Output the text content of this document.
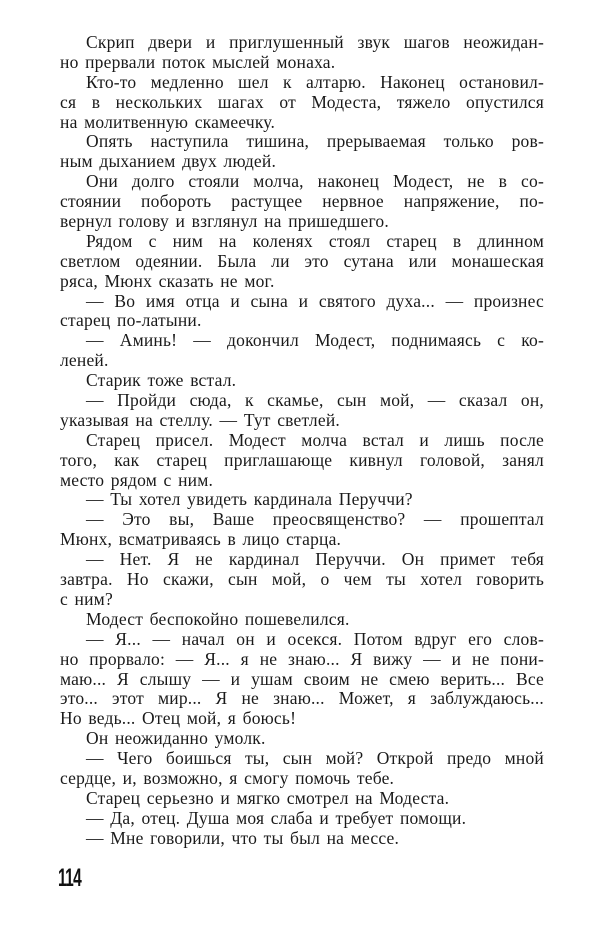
Скрип двери и приглушенный звук шагов неожидан-
но прервали поток мыслей монаха.
Кто-то медленно шел к алтарю. Наконец остановил-
ся в нескольких шагах от Модеста, тяжело опустился
на молитвенную скамеечку.
Опять наступила тишина, прерываемая только ров-
ным дыханием двух людей.
Они долго стояли молча, наконец Модест, не в со-
стоянии побороть растущее нервное напряжение, по-
вернул голову и взглянул на пришедшего.
Рядом с ним на коленях стоял старец в длинном
светлом одеянии. Была ли это сутана или монашеская
ряса, Мюнх сказать не мог.
— Во имя отца и сына и святого духа... — произнес
старец по-латыни.
— Аминь! — докончил Модест, поднимаясь с ко-
леней.
Старик тоже встал.
— Пройди сюда, к скамье, сын мой, — сказал он,
указывая на стеллу. — Тут светлей.
Старец присел. Модест молча встал и лишь после
того, как старец приглашающе кивнул головой, занял
место рядом с ним.
— Ты хотел увидеть кардинала Перуччи?
— Это вы, Ваше преосвященство? — прошептал
Мюнх, всматриваясь в лицо старца.
— Нет. Я не кардинал Перуччи. Он примет тебя
завтра. Но скажи, сын мой, о чем ты хотел говорить
с ним?
Модест беспокойно пошевелился.
— Я... — начал он и осекся. Потом вдруг его слов-
но прорвало: — Я... я не знаю... Я вижу — и не пони-
маю... Я слышу — и ушам своим не смею верить... Все
это... этот мир... Я не знаю... Может, я заблуждаюсь...
Но ведь... Отец мой, я боюсь!
Он неожиданно умолк.
— Чего боишься ты, сын мой? Открой предо мной
сердце, и, возможно, я смогу помочь тебе.
Старец серьезно и мягко смотрел на Модеста.
— Да, отец. Душа моя слаба и требует помощи.
— Мне говорили, что ты был на мессе.
114
